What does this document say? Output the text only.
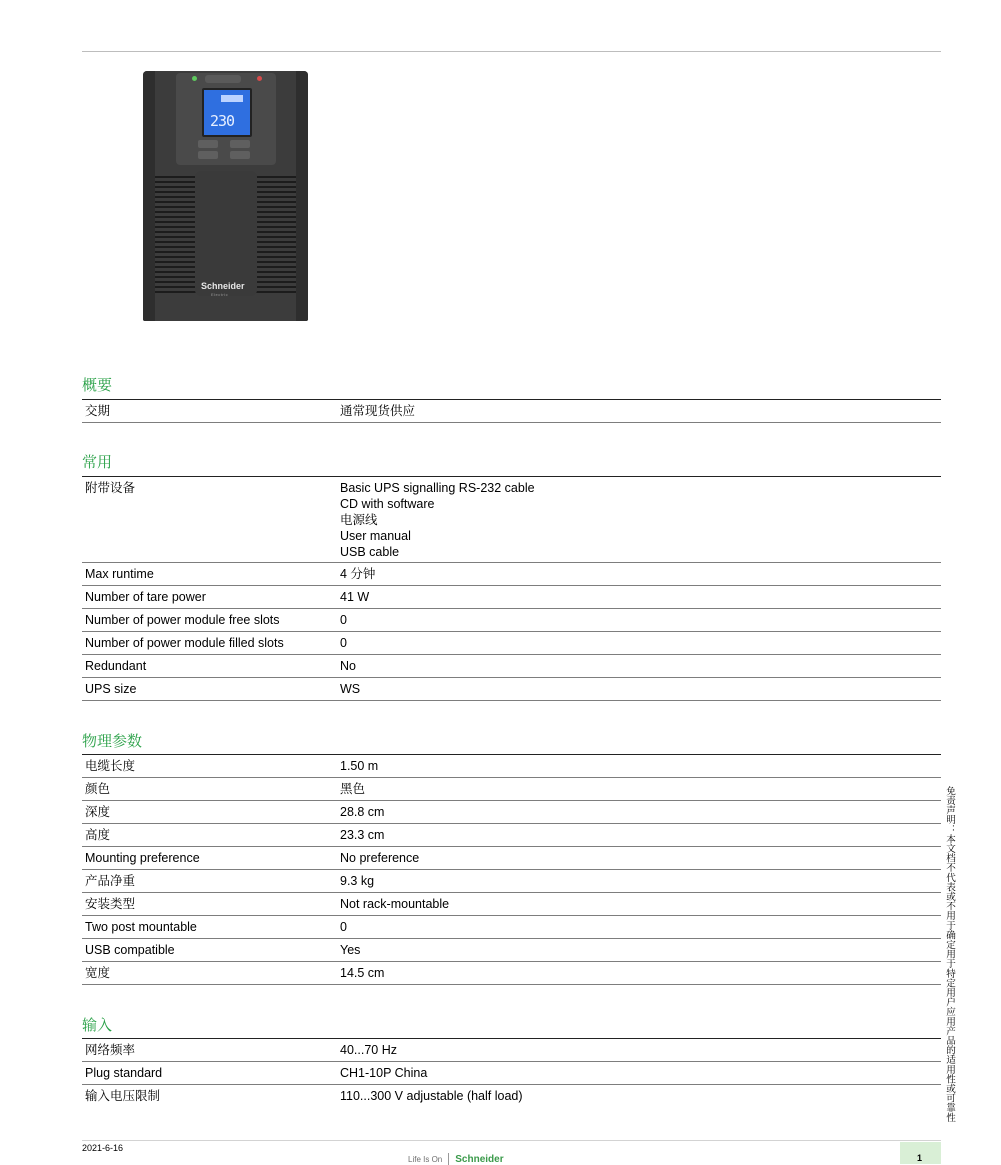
230
Schneider
Electric
概要
交期	通常现货供应
常用
附带设备	Basic UPS signalling RS-232 cable
CD with software
电源线
User manual
USB cable
Max runtime	4 分钟
Number of tare power	41 W
Number of power module free slots	0
Number of power module filled slots	0
Redundant	No
UPS size	WS
物理参数
电缆长度	1.50 m
颜色	黑色
深度	28.8 cm
高度	23.3 cm
Mounting preference	No preference
产品净重	9.3 kg
安装类型	Not rack-mountable
Two post mountable	0
USB compatible	Yes
宽度	14.5 cm
输入
网络频率	40...70 Hz
Plug standard	CH1-10P China
输入电压限制	110...300 V adjustable (half load)	免责声明：本文档不代表或不用于确定用于特定用户应用产品的适用性或可靠性
2021-6-16
Life Is On Schneider	1
